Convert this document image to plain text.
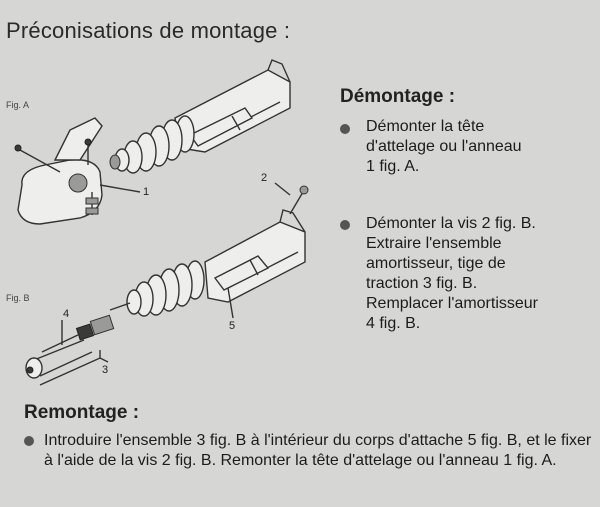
Préconisations de montage :
Fig. A
Fig. B
1
2
3
4
5
Démontage :
Démonter la tête
d'attelage ou l'anneau
1 fig. A.
Démonter la vis 2 fig. B.
Extraire l'ensemble
amortisseur, tige de
traction 3 fig. B.
Remplacer l'amortisseur
4 fig. B.
Remontage :
Introduire l'ensemble 3 fig. B à l'intérieur du corps d'attache 5 fig. B, et le fixer à l'aide de la vis 2 fig. B. Remonter la tête d'attelage ou l'anneau 1 fig. A.
